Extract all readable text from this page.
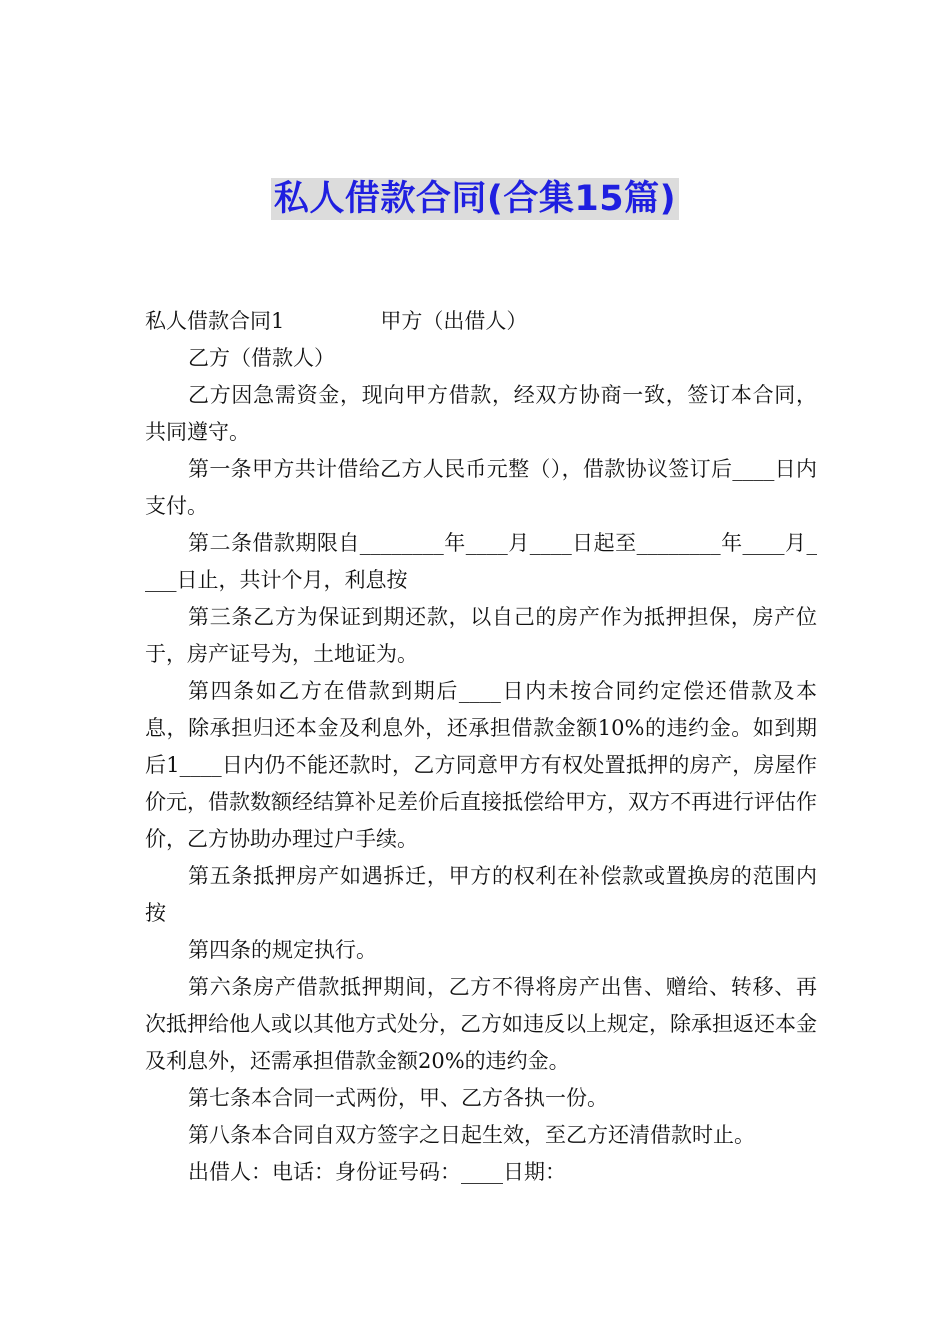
私人借款合同(合集15篇)

私人借款合同1	甲方（出借人）

乙方（借款人）

乙方因急需资金，现向甲方借款，经双方协商一致，签订本合同，共同遵守。

第一条甲方共计借给乙方人民币元整（），借款协议签订后____日内支付。

第二条借款期限自________年____月____日起至________年____月____日止，共计个月，利息按

第三条乙方为保证到期还款，以自己的房产作为抵押担保，房产位于，房产证号为，土地证为。

第四条如乙方在借款到期后____日内未按合同约定偿还借款及本息，除承担归还本金及利息外，还承担借款金额10%的违约金。如到期后1____日内仍不能还款时，乙方同意甲方有权处置抵押的房产，房屋作价元，借款数额经结算补足差价后直接抵偿给甲方，双方不再进行评估作价，乙方协助办理过户手续。

第五条抵押房产如遇拆迁，甲方的权利在补偿款或置换房的范围内按

第四条的规定执行。

第六条房产借款抵押期间，乙方不得将房产出售、赠给、转移、再次抵押给他人或以其他方式处分，乙方如违反以上规定，除承担返还本金及利息外，还需承担借款金额20%的违约金。

第七条本合同一式两份，甲、乙方各执一份。

第八条本合同自双方签字之日起生效，至乙方还清借款时止。

出借人：电话：身份证号码：____日期：
